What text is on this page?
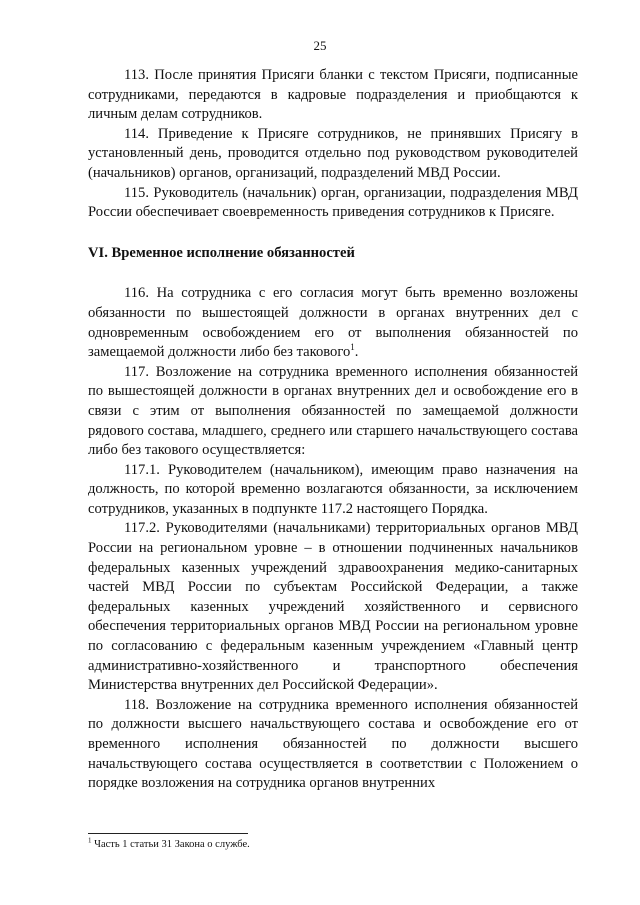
25

113. После принятия Присяги бланки с текстом Присяги, подписанные сотрудниками, передаются в кадровые подразделения и приобщаются к личным делам сотрудников.

114. Приведение к Присяге сотрудников, не принявших Присягу в установленный день, проводится отдельно под руководством руководителей (начальников) органов, организаций, подразделений МВД России.

115. Руководитель (начальник) орган, организации, подразделения МВД России обеспечивает своевременность приведения сотрудников к Присяге.

VI. Временное исполнение обязанностей

116. На сотрудника с его согласия могут быть временно возложены обязанности по вышестоящей должности в органах внутренних дел с одновременным освобождением его от выполнения обязанностей по замещаемой должности либо без такового$^1$.

117. Возложение на сотрудника временного исполнения обязанностей по вышестоящей должности в органах внутренних дел и освобождение его в связи с этим от выполнения обязанностей по замещаемой должности рядового состава, младшего, среднего или старшего начальствующего состава либо без такового осуществляется:

117.1. Руководителем (начальником), имеющим право назначения на должность, по которой временно возлагаются обязанности, за исключением сотрудников, указанных в подпункте 117.2 настоящего Порядка.

117.2. Руководителями (начальниками) территориальных органов МВД России на региональном уровне – в отношении подчиненных начальников федеральных казенных учреждений здравоохранения медико-санитарных частей МВД России по субъектам Российской Федерации, а также федеральных казенных учреждений хозяйственного и сервисного обеспечения территориальных органов МВД России на региональном уровне по согласованию с федеральным казенным учреждением «Главный центр административно-хозяйственного и транспортного обеспечения Министерства внутренних дел Российской Федерации».

118. Возложение на сотрудника временного исполнения обязанностей по должности высшего начальствующего состава и освобождение его от временного исполнения обязанностей по должности высшего начальствующего состава осуществляется в соответствии с Положением о порядке возложения на сотрудника органов внутренних

$^1$ Часть 1 статьи 31 Закона о службе.
